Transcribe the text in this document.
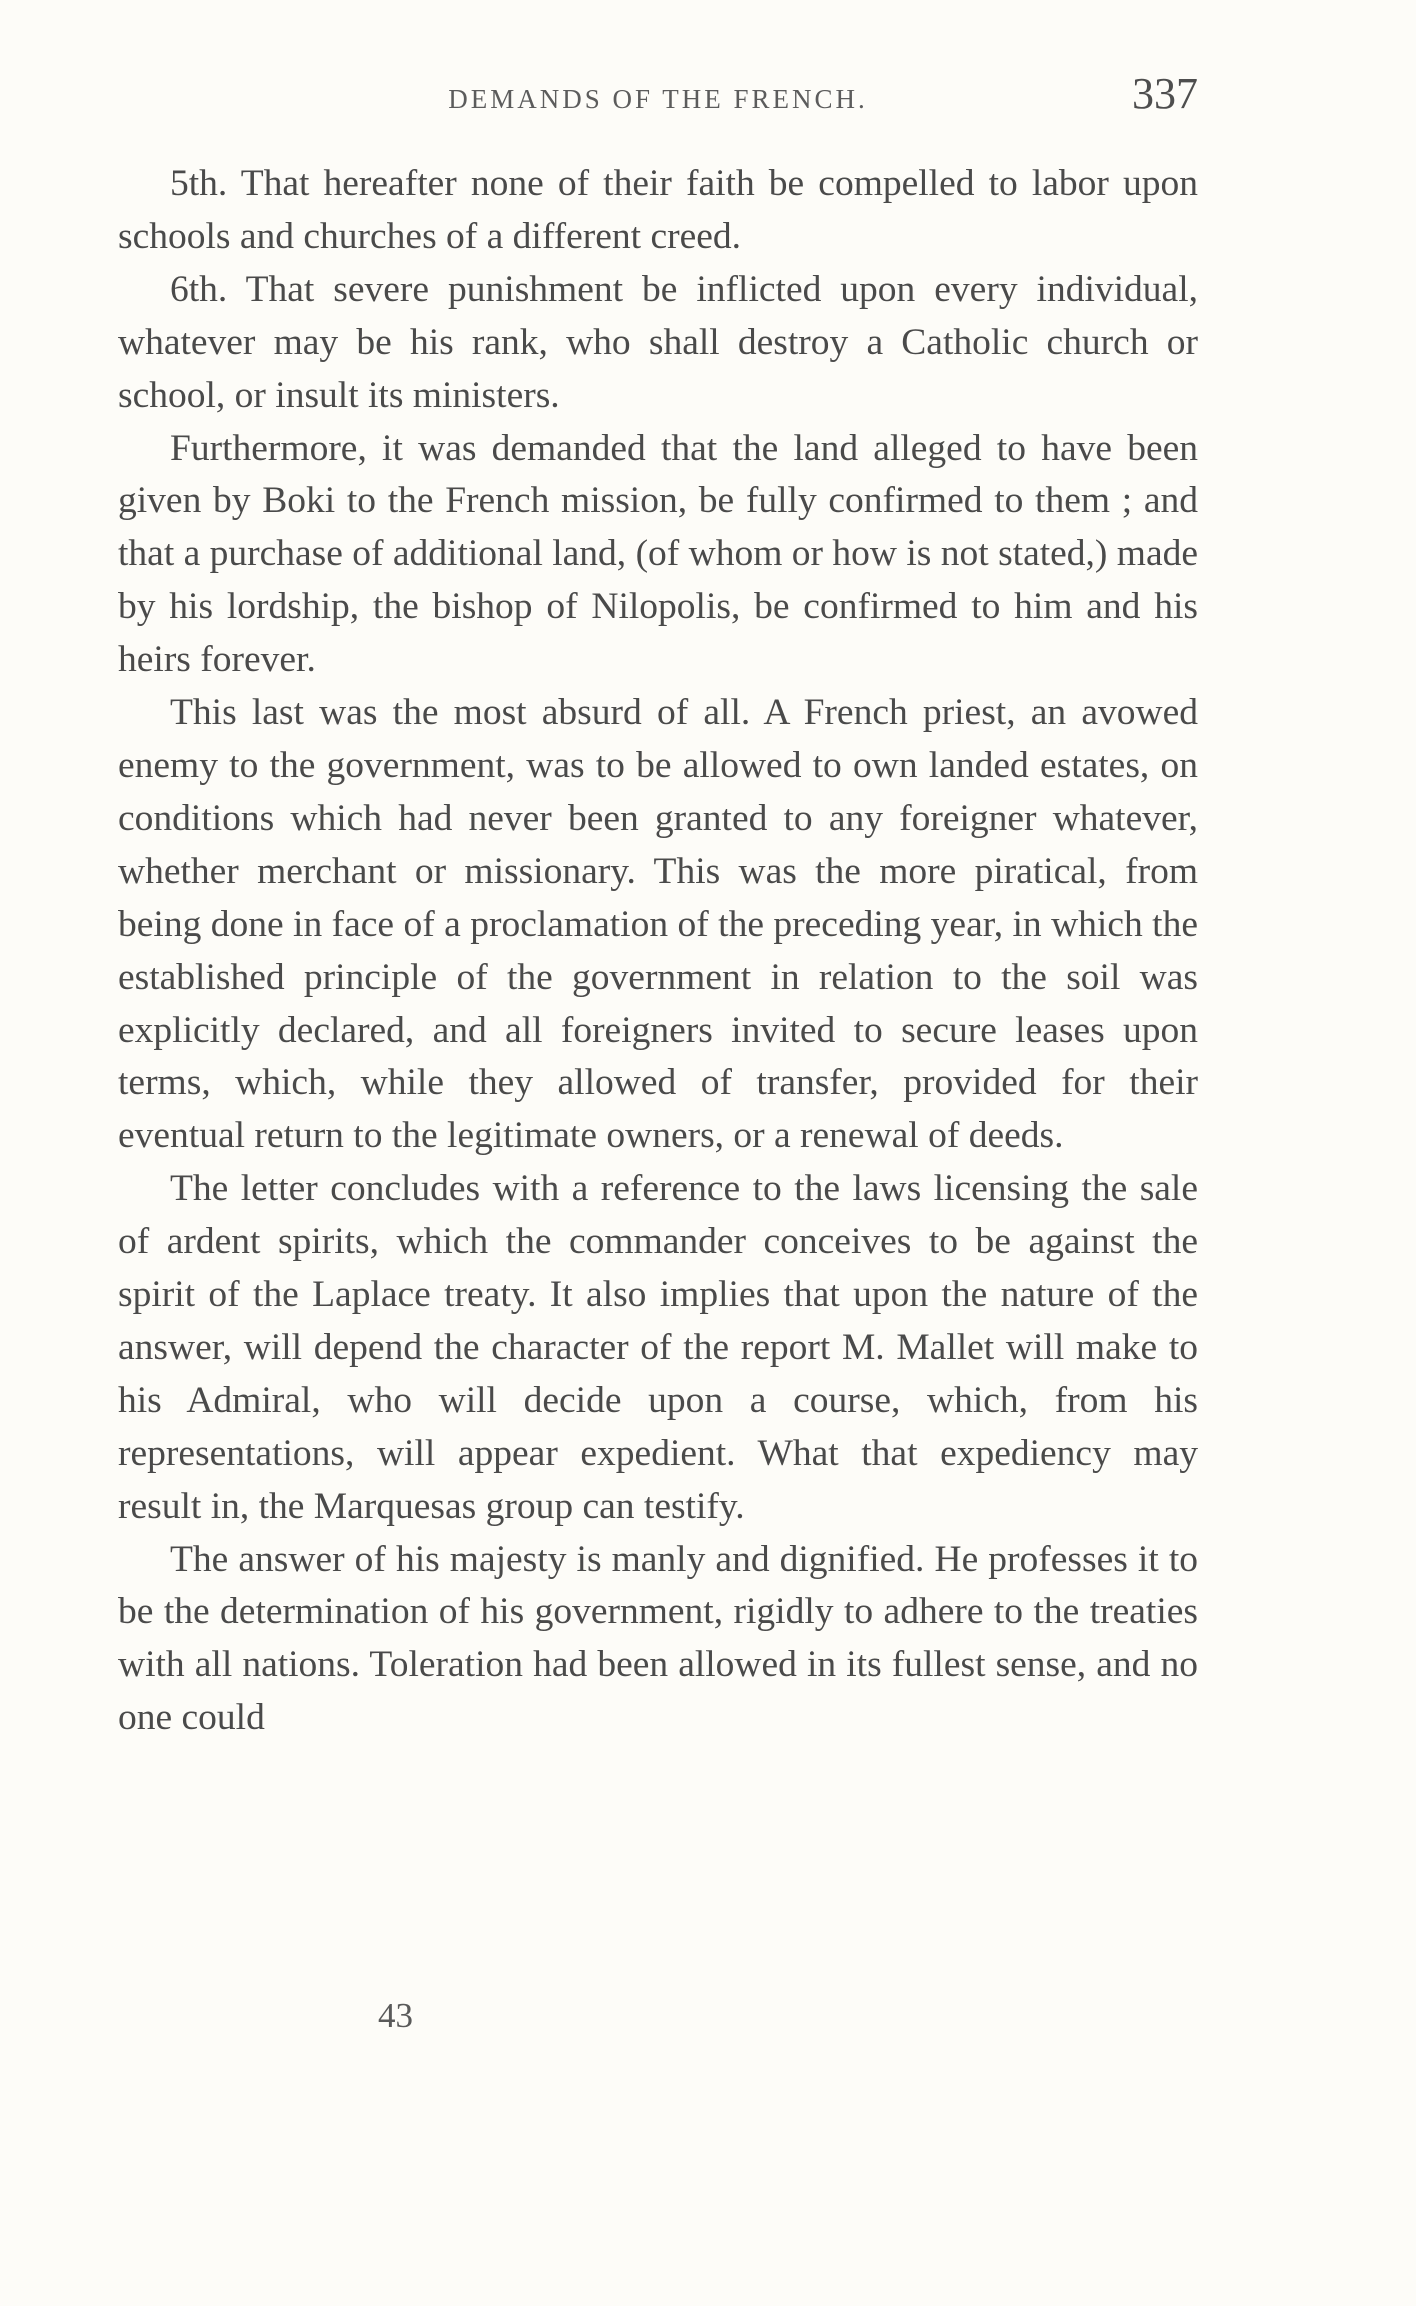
DEMANDS OF THE FRENCH.	337

5th. That hereafter none of their faith be compelled to labor upon schools and churches of a different creed.

6th. That severe punishment be inflicted upon every individual, whatever may be his rank, who shall destroy a Catholic church or school, or insult its ministers.

Furthermore, it was demanded that the land alleged to have been given by Boki to the French mission, be fully confirmed to them ; and that a purchase of additional land, (of whom or how is not stated,) made by his lordship, the bishop of Nilopolis, be confirmed to him and his heirs forever.

This last was the most absurd of all. A French priest, an avowed enemy to the government, was to be allowed to own landed estates, on conditions which had never been granted to any foreigner whatever, whether merchant or missionary. This was the more piratical, from being done in face of a proclamation of the preceding year, in which the established principle of the government in relation to the soil was explicitly declared, and all foreigners invited to secure leases upon terms, which, while they allowed of transfer, provided for their eventual return to the legitimate owners, or a renewal of deeds.

The letter concludes with a reference to the laws licensing the sale of ardent spirits, which the commander conceives to be against the spirit of the Laplace treaty. It also implies that upon the nature of the answer, will depend the character of the report M. Mallet will make to his Admiral, who will decide upon a course, which, from his representations, will appear expedient. What that expediency may result in, the Marquesas group can testify.

The answer of his majesty is manly and dignified. He professes it to be the determination of his government, rigidly to adhere to the treaties with all nations. Toleration had been allowed in its fullest sense, and no one could

43
